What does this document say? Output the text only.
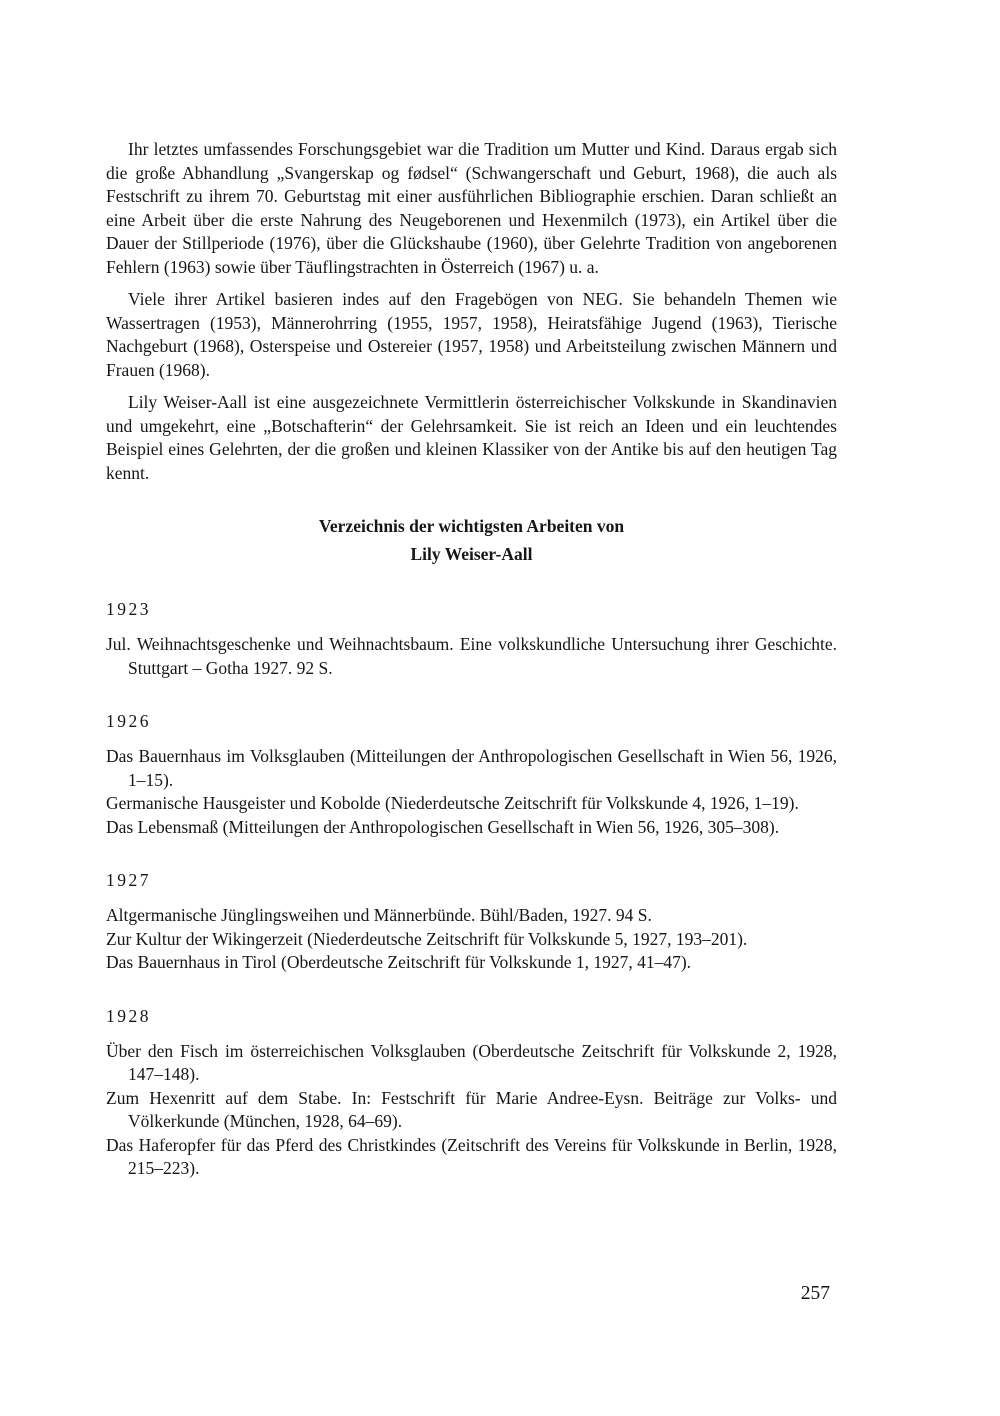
Ihr letztes umfassendes Forschungsgebiet war die Tradition um Mutter und Kind. Daraus ergab sich die große Abhandlung „Svangerskap og fødsel“ (Schwangerschaft und Geburt, 1968), die auch als Festschrift zu ihrem 70. Geburtstag mit einer ausführlichen Bibliographie erschien. Daran schließt an eine Arbeit über die erste Nahrung des Neugeborenen und Hexenmilch (1973), ein Artikel über die Dauer der Stillperiode (1976), über die Glückshaube (1960), über Gelehrte Tradition von angeborenen Fehlern (1963) sowie über Täuflingstrachten in Österreich (1967) u. a.

Viele ihrer Artikel basieren indes auf den Fragebögen von NEG. Sie behandeln Themen wie Wassertragen (1953), Männerohrring (1955, 1957, 1958), Heiratsfähige Jugend (1963), Tierische Nachgeburt (1968), Osterspeise und Ostereier (1957, 1958) und Arbeitsteilung zwischen Männern und Frauen (1968).

Lily Weiser-Aall ist eine ausgezeichnete Vermittlerin österreichischer Volkskunde in Skandinavien und umgekehrt, eine „Botschafterin“ der Gelehrsamkeit. Sie ist reich an Ideen und ein leuchtendes Beispiel eines Gelehrten, der die großen und kleinen Klassiker von der Antike bis auf den heutigen Tag kennt.

Verzeichnis der wichtigsten Arbeiten von
Lily Weiser-Aall
1923

Jul. Weihnachtsgeschenke und Weihnachtsbaum. Eine volkskundliche Untersuchung ihrer Geschichte. Stuttgart – Gotha 1927. 92 S.

1926

Das Bauernhaus im Volksglauben (Mitteilungen der Anthropologischen Gesellschaft in Wien 56, 1926, 1–15).

Germanische Hausgeister und Kobolde (Niederdeutsche Zeitschrift für Volkskunde 4, 1926, 1–19).

Das Lebensmaß (Mitteilungen der Anthropologischen Gesellschaft in Wien 56, 1926, 305–308).

1927

Altgermanische Jünglingsweihen und Männerbünde. Bühl/Baden, 1927. 94 S.

Zur Kultur der Wikingerzeit (Niederdeutsche Zeitschrift für Volkskunde 5, 1927, 193–201).

Das Bauernhaus in Tirol (Oberdeutsche Zeitschrift für Volkskunde 1, 1927, 41–47).

1928

Über den Fisch im österreichischen Volksglauben (Oberdeutsche Zeitschrift für Volkskunde 2, 1928, 147–148).

Zum Hexenritt auf dem Stabe. In: Festschrift für Marie Andree-Eysn. Beiträge zur Volks- und Völkerkunde (München, 1928, 64–69).

Das Haferopfer für das Pferd des Christkindes (Zeitschrift des Vereins für Volkskunde in Berlin, 1928, 215–223).

257
